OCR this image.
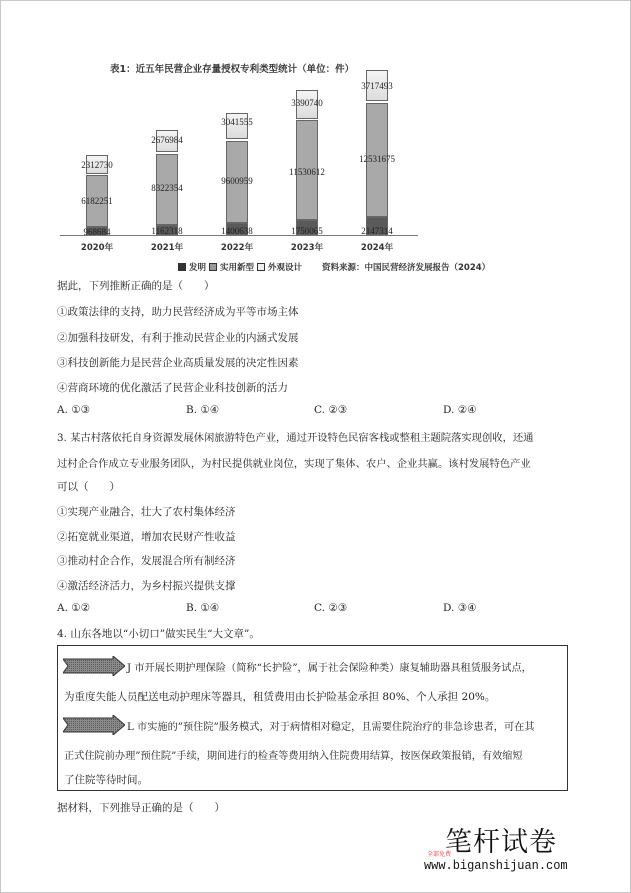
表1：近五年民营企业存量授权专利类型统计（单位：件）
2312730
6182251
968684
2020年
2676984
8322354
1162318
2021年
3041555
9600959
1400638
2022年
3390740
11530612
1750065
2023年
3717493
12531675
2147314
2024年
发明 实用新型 外观设计 资料来源：中国民营经济发展报告（2024）
据此，下列推断正确的是（　　）
①政策法律的支持，助力民营经济成为平等市场主体
②加强科技研发，有利于推动民营企业的内涵式发展
③科技创新能力是民营企业高质量发展的决定性因素
④营商环境的优化激活了民营企业科技创新的活力
A. ①③	B. ①④	C. ②③	D. ②④
3. 某古村落依托自身资源发展休闲旅游特色产业，通过开设特色民宿客栈或整租主题院落实现创收，还通
过村企合作成立专业服务团队，为村民提供就业岗位，实现了集体、农户、企业共赢。该村发展特色产业
可以（　　）
①实现产业融合，壮大了农村集体经济
②拓宽就业渠道，增加农民财产性收益
③推动村企合作，发展混合所有制经济
④激活经济活力，为乡村振兴提供支撑
A. ①②	B. ①④	C. ②③	D. ③④
4. 山东各地以“小切口”做实民生“大文章”。
J 市开展长期护理保险（简称“长护险”，属于社会保险种类）康复辅助器具租赁服务试点，
为重度失能人员配送电动护理床等器具，租赁费用由长护险基金承担 80%、个人承担 20%。
L 市实施的”预住院”服务模式，对于病情相对稳定，且需要住院治疗的非急诊患者，可在其
正式住院前办理”预住院”手续，期间进行的检查等费用纳入住院费用结算，按医保政策报销，有效缩短
了住院等待时间。
据材料，下列推导正确的是（　　）
笔杆试卷
全部免费
www.biganshijuan.com
